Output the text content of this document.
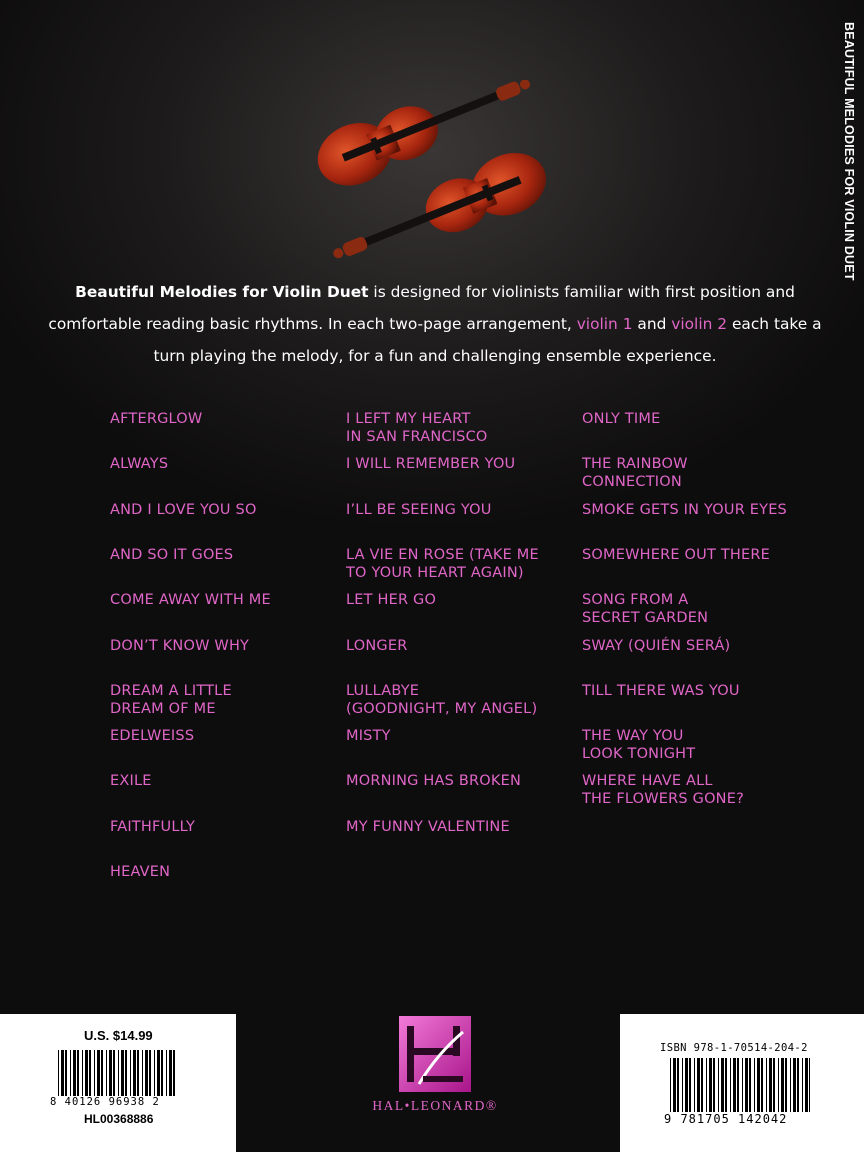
BEAUTIFUL MELODIES FOR VIOLIN DUET
Beautiful Melodies for Violin Duet is designed for violinists familiar with first position and comfortable reading basic rhythms. In each two-page arrangement, violin 1 and violin 2 each take a turn playing the melody, for a fun and challenging ensemble experience.
AFTERGLOW
ALWAYS
AND I LOVE YOU SO
AND SO IT GOES
COME AWAY WITH ME
DON’T KNOW WHY
DREAM A LITTLE
DREAM OF ME
EDELWEISS
EXILE
FAITHFULLY
HEAVEN
I LEFT MY HEART
IN SAN FRANCISCO
I WILL REMEMBER YOU
I’LL BE SEEING YOU
LA VIE EN ROSE (TAKE ME
TO YOUR HEART AGAIN)
LET HER GO
LONGER
LULLABYE
(GOODNIGHT, MY ANGEL)
MISTY
MORNING HAS BROKEN
MY FUNNY VALENTINE
ONLY TIME
THE RAINBOW
CONNECTION
SMOKE GETS IN YOUR EYES
SOMEWHERE OUT THERE
SONG FROM A
SECRET GARDEN
SWAY (QUIÉN SERÁ)
TILL THERE WAS YOU
THE WAY YOU
LOOK TONIGHT
WHERE HAVE ALL
THE FLOWERS GONE?
U.S. $14.99
8 40126 96938 2
HL00368886
HAL•LEONARD®
ISBN 978-1-70514-204-2
9 781705 142042
